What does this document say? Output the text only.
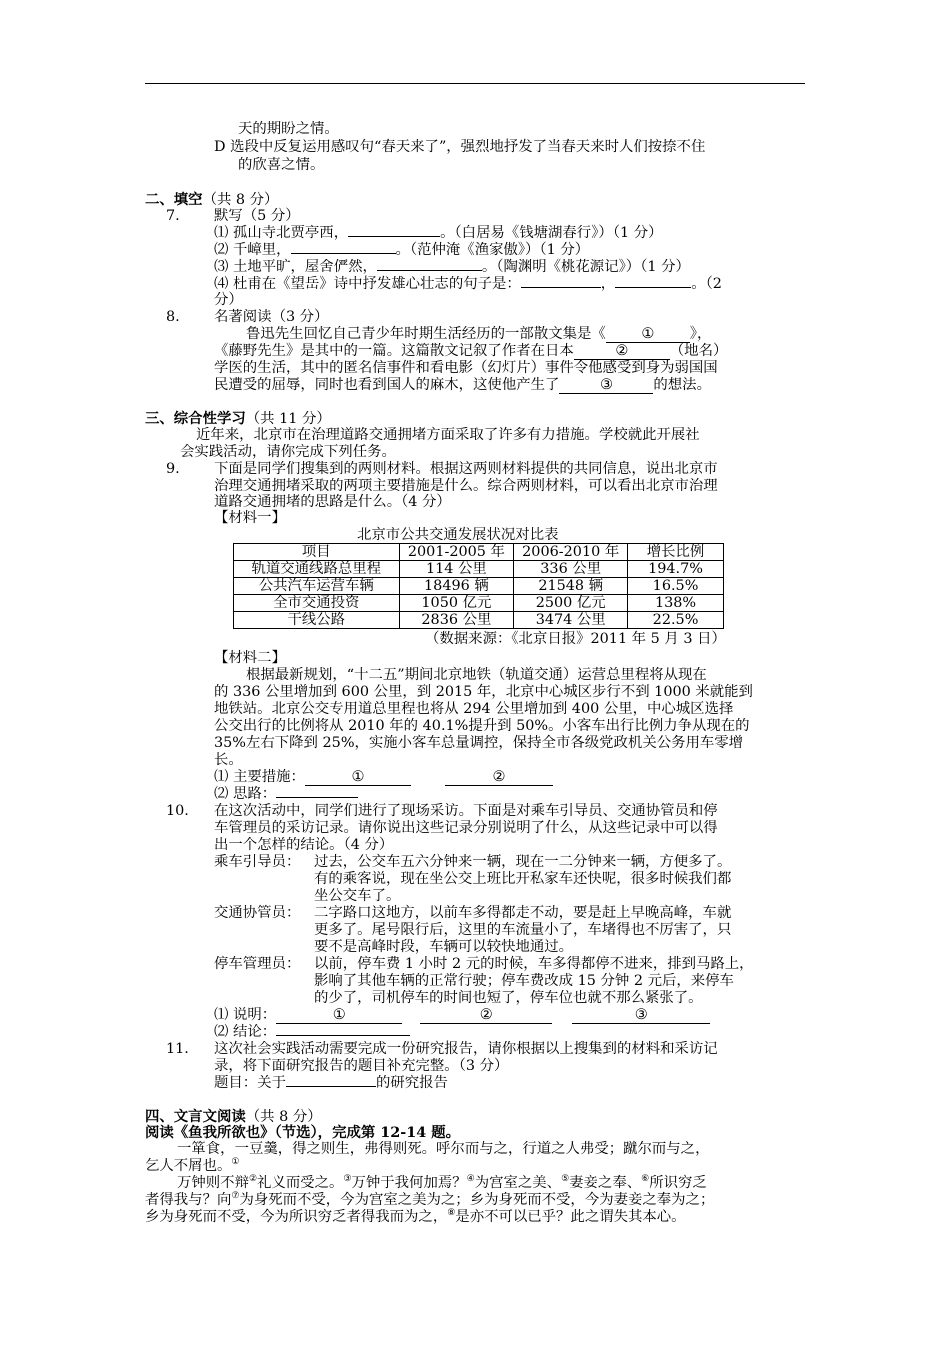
天的期盼之情。
D 选段中反复运用感叹句“春天来了”，强烈地抒发了当春天来时人们按捺不住
的欣喜之情。
二、填空（共 8 分）
7. 默写（5 分）
⑴ 孤山寺北贾亭西，	。（白居易《钱塘湖春行》）（1 分）
⑵ 千嶂里，	。（范仲淹《渔家傲》）（1 分）
⑶ 土地平旷，屋舍俨然，	。（陶渊明《桃花源记》）（1 分）
⑷ 杜甫在《望岳》诗中抒发雄心壮志的句子是：	，	。（2
分）
8. 名著阅读（3 分）
鲁迅先生回忆自己青少年时期生活经历的一部散文集是《 ① 》，
《藤野先生》是其中的一篇。这篇散文记叙了作者在日本	②	（地名）
学医的生活，其中的匿名信事件和看电影（幻灯片）事件令他感受到身为弱国国
民遭受的屈辱，同时也看到国人的麻木，这使他产生了	③	的想法。
三、综合性学习（共 11 分）
近年来，北京市在治理道路交通拥堵方面采取了许多有力措施。学校就此开展社
会实践活动，请你完成下列任务。
9. 下面是同学们搜集到的两则材料。根据这两则材料提供的共同信息，说出北京市
治理交通拥堵采取的两项主要措施是什么。综合两则材料，可以看出北京市治理
道路交通拥堵的思路是什么。（4 分）
【材料一】
北京市公共交通发展状况对比表
项目	2001-2005 年	2006-2010 年	增长比例
轨道交通线路总里程	114 公里	336 公里	194.7%
公共汽车运营车辆	18496 辆	21548 辆	16.5%
全市交通投资	1050 亿元	2500 亿元	138%
干线公路	2836 公里	3474 公里	22.5%
（数据来源：《北京日报》2011 年 5 月 3 日）
【材料二】
根据最新规划，“十二五”期间北京地铁（轨道交通）运营总里程将从现在
的 336 公里增加到 600 公里，到 2015 年，北京中心城区步行不到 1000 米就能到
地铁站。北京公交专用道总里程也将从 294 公里增加到 400 公里，中心城区选择
公交出行的比例将从 2010 年的 40.1%提升到 50%。小客车出行比例力争从现在的
35%左右下降到 25%，实施小客车总量调控，保持全市各级党政机关公务用车零增
长。
⑴ 主要措施：	①	②
⑵ 思路：
10. 在这次活动中，同学们进行了现场采访。下面是对乘车引导员、交通协管员和停
车管理员的采访记录。请你说出这些记录分别说明了什么，从这些记录中可以得
出一个怎样的结论。（4 分）
乘车引导员： 过去，公交车五六分钟来一辆，现在一二分钟来一辆，方便多了。
有的乘客说，现在坐公交上班比开私家车还快呢，很多时候我们都
坐公交车了。
交通协管员： 二字路口这地方，以前车多得都走不动，要是赶上早晚高峰，车就
更多了。尾号限行后，这里的车流量小了，车堵得也不厉害了，只
要不是高峰时段，车辆可以较快地通过。
停车管理员： 以前，停车费 1 小时 2 元的时候，车多得都停不进来，排到马路上，
影响了其他车辆的正常行驶；停车费改成 15 分钟 2 元后，来停车
的少了，司机停车的时间也短了，停车位也就不那么紧张了。
⑴ 说明：	①	②	③
⑵ 结论：
11. 这次社会实践活动需要完成一份研究报告，请你根据以上搜集到的材料和采访记
录，将下面研究报告的题目补充完整。（3 分）
题目：关于	的研究报告
四、文言文阅读（共 8 分）
阅读《鱼我所欲也》（节选），完成第 12-14 题。
一箪食，一豆羹，得之则生，弗得则死。呼尔而与之，行道之人弗受；蹴尔而与之，
乞人不屑也。①
万钟则不辩②礼义而受之。③万钟于我何加焉？④为宫室之美、⑤妻妾之奉、⑥所识穷乏
者得我与？向⑦为身死而不受，今为宫室之美为之；乡为身死而不受，今为妻妾之奉为之；
乡为身死而不受，今为所识穷乏者得我而为之，⑧是亦不可以已乎？此之谓失其本心。
